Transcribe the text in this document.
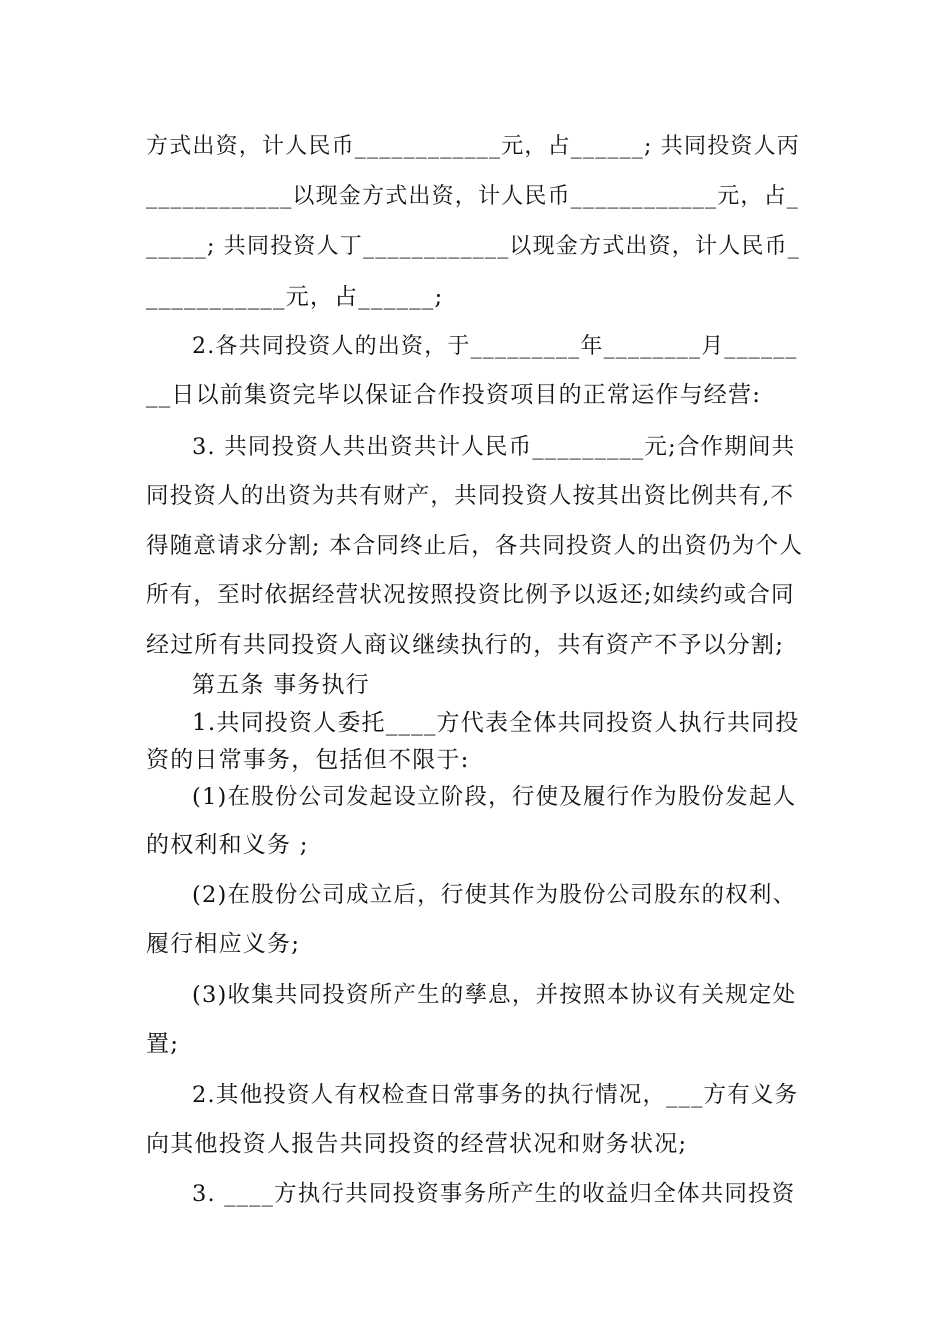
方式出资，计人民币____________元，占______; 共同投资人丙
____________以现金方式出资，计人民币____________元，占_
_____; 共同投资人丁____________以现金方式出资，计人民币_
___________元，占______;
2.各共同投资人的出资，于_________年________月______
__日以前集资完毕以保证合作投资项目的正常运作与经营:
3. 共同投资人共出资共计人民币_________元;合作期间共
同投资人的出资为共有财产，共同投资人按其出资比例共有,不
得随意请求分割; 本合同终止后，各共同投资人的出资仍为个人
所有，至时依据经营状况按照投资比例予以返还;如续约或合同
经过所有共同投资人商议继续执行的，共有资产不予以分割;
第五条 事务执行
1.共同投资人委托____方代表全体共同投资人执行共同投
资的日常事务，包括但不限于:
(1)在股份公司发起设立阶段，行使及履行作为股份发起人
的权利和义务 ;
(2)在股份公司成立后，行使其作为股份公司股东的权利、
履行相应义务;
(3)收集共同投资所产生的孳息，并按照本协议有关规定处
置;
2.其他投资人有权检查日常事务的执行情况，___方有义务
向其他投资人报告共同投资的经营状况和财务状况;
3. ____方执行共同投资事务所产生的收益归全体共同投资
